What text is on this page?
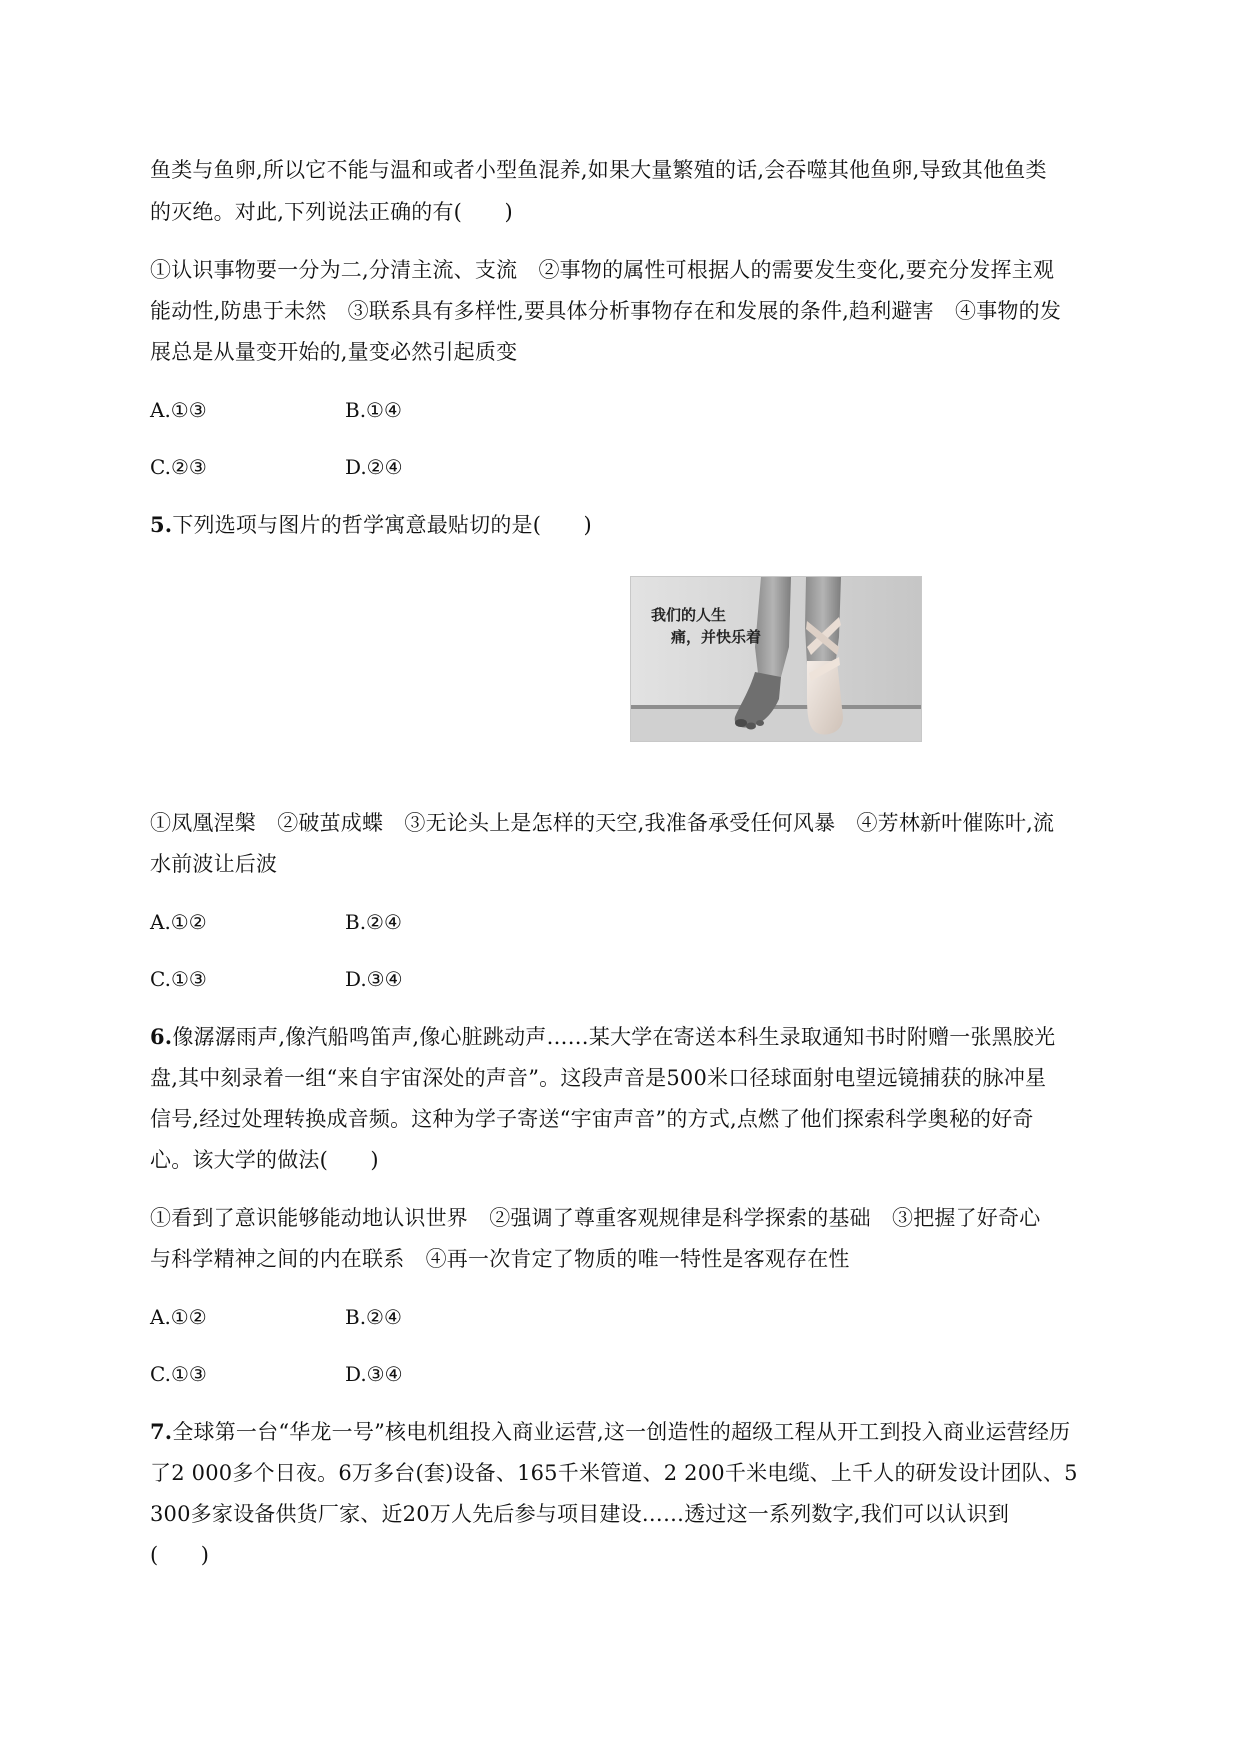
鱼类与鱼卵,所以它不能与温和或者小型鱼混养,如果大量繁殖的话,会吞噬其他鱼卵,导致其他鱼类
的灭绝。对此,下列说法正确的有(　　)
①认识事物要一分为二,分清主流、支流　②事物的属性可根据人的需要发生变化,要充分发挥主观
能动性,防患于未然　③联系具有多样性,要具体分析事物存在和发展的条件,趋利避害　④事物的发
展总是从量变开始的,量变必然引起质变
A.①③	B.①④
C.②③	D.②④
5.下列选项与图片的哲学寓意最贴切的是(　　)
我们的人生
痛，并快乐着
①凤凰涅槃　②破茧成蝶　③无论头上是怎样的天空,我准备承受任何风暴　④芳林新叶催陈叶,流
水前波让后波
A.①②	B.②④
C.①③	D.③④
6.像潺潺雨声,像汽船鸣笛声,像心脏跳动声……某大学在寄送本科生录取通知书时附赠一张黑胶光
盘,其中刻录着一组“来自宇宙深处的声音”。这段声音是500米口径球面射电望远镜捕获的脉冲星
信号,经过处理转换成音频。这种为学子寄送“宇宙声音”的方式,点燃了他们探索科学奥秘的好奇
心。该大学的做法(　　)
①看到了意识能够能动地认识世界　②强调了尊重客观规律是科学探索的基础　③把握了好奇心
与科学精神之间的内在联系　④再一次肯定了物质的唯一特性是客观存在性
A.①②	B.②④
C.①③	D.③④
7.全球第一台“华龙一号”核电机组投入商业运营,这一创造性的超级工程从开工到投入商业运营经历
了2 000多个日夜。6万多台(套)设备、165千米管道、2 200千米电缆、上千人的研发设计团队、5
300多家设备供货厂家、近20万人先后参与项目建设……透过这一系列数字,我们可以认识到
(　　)
